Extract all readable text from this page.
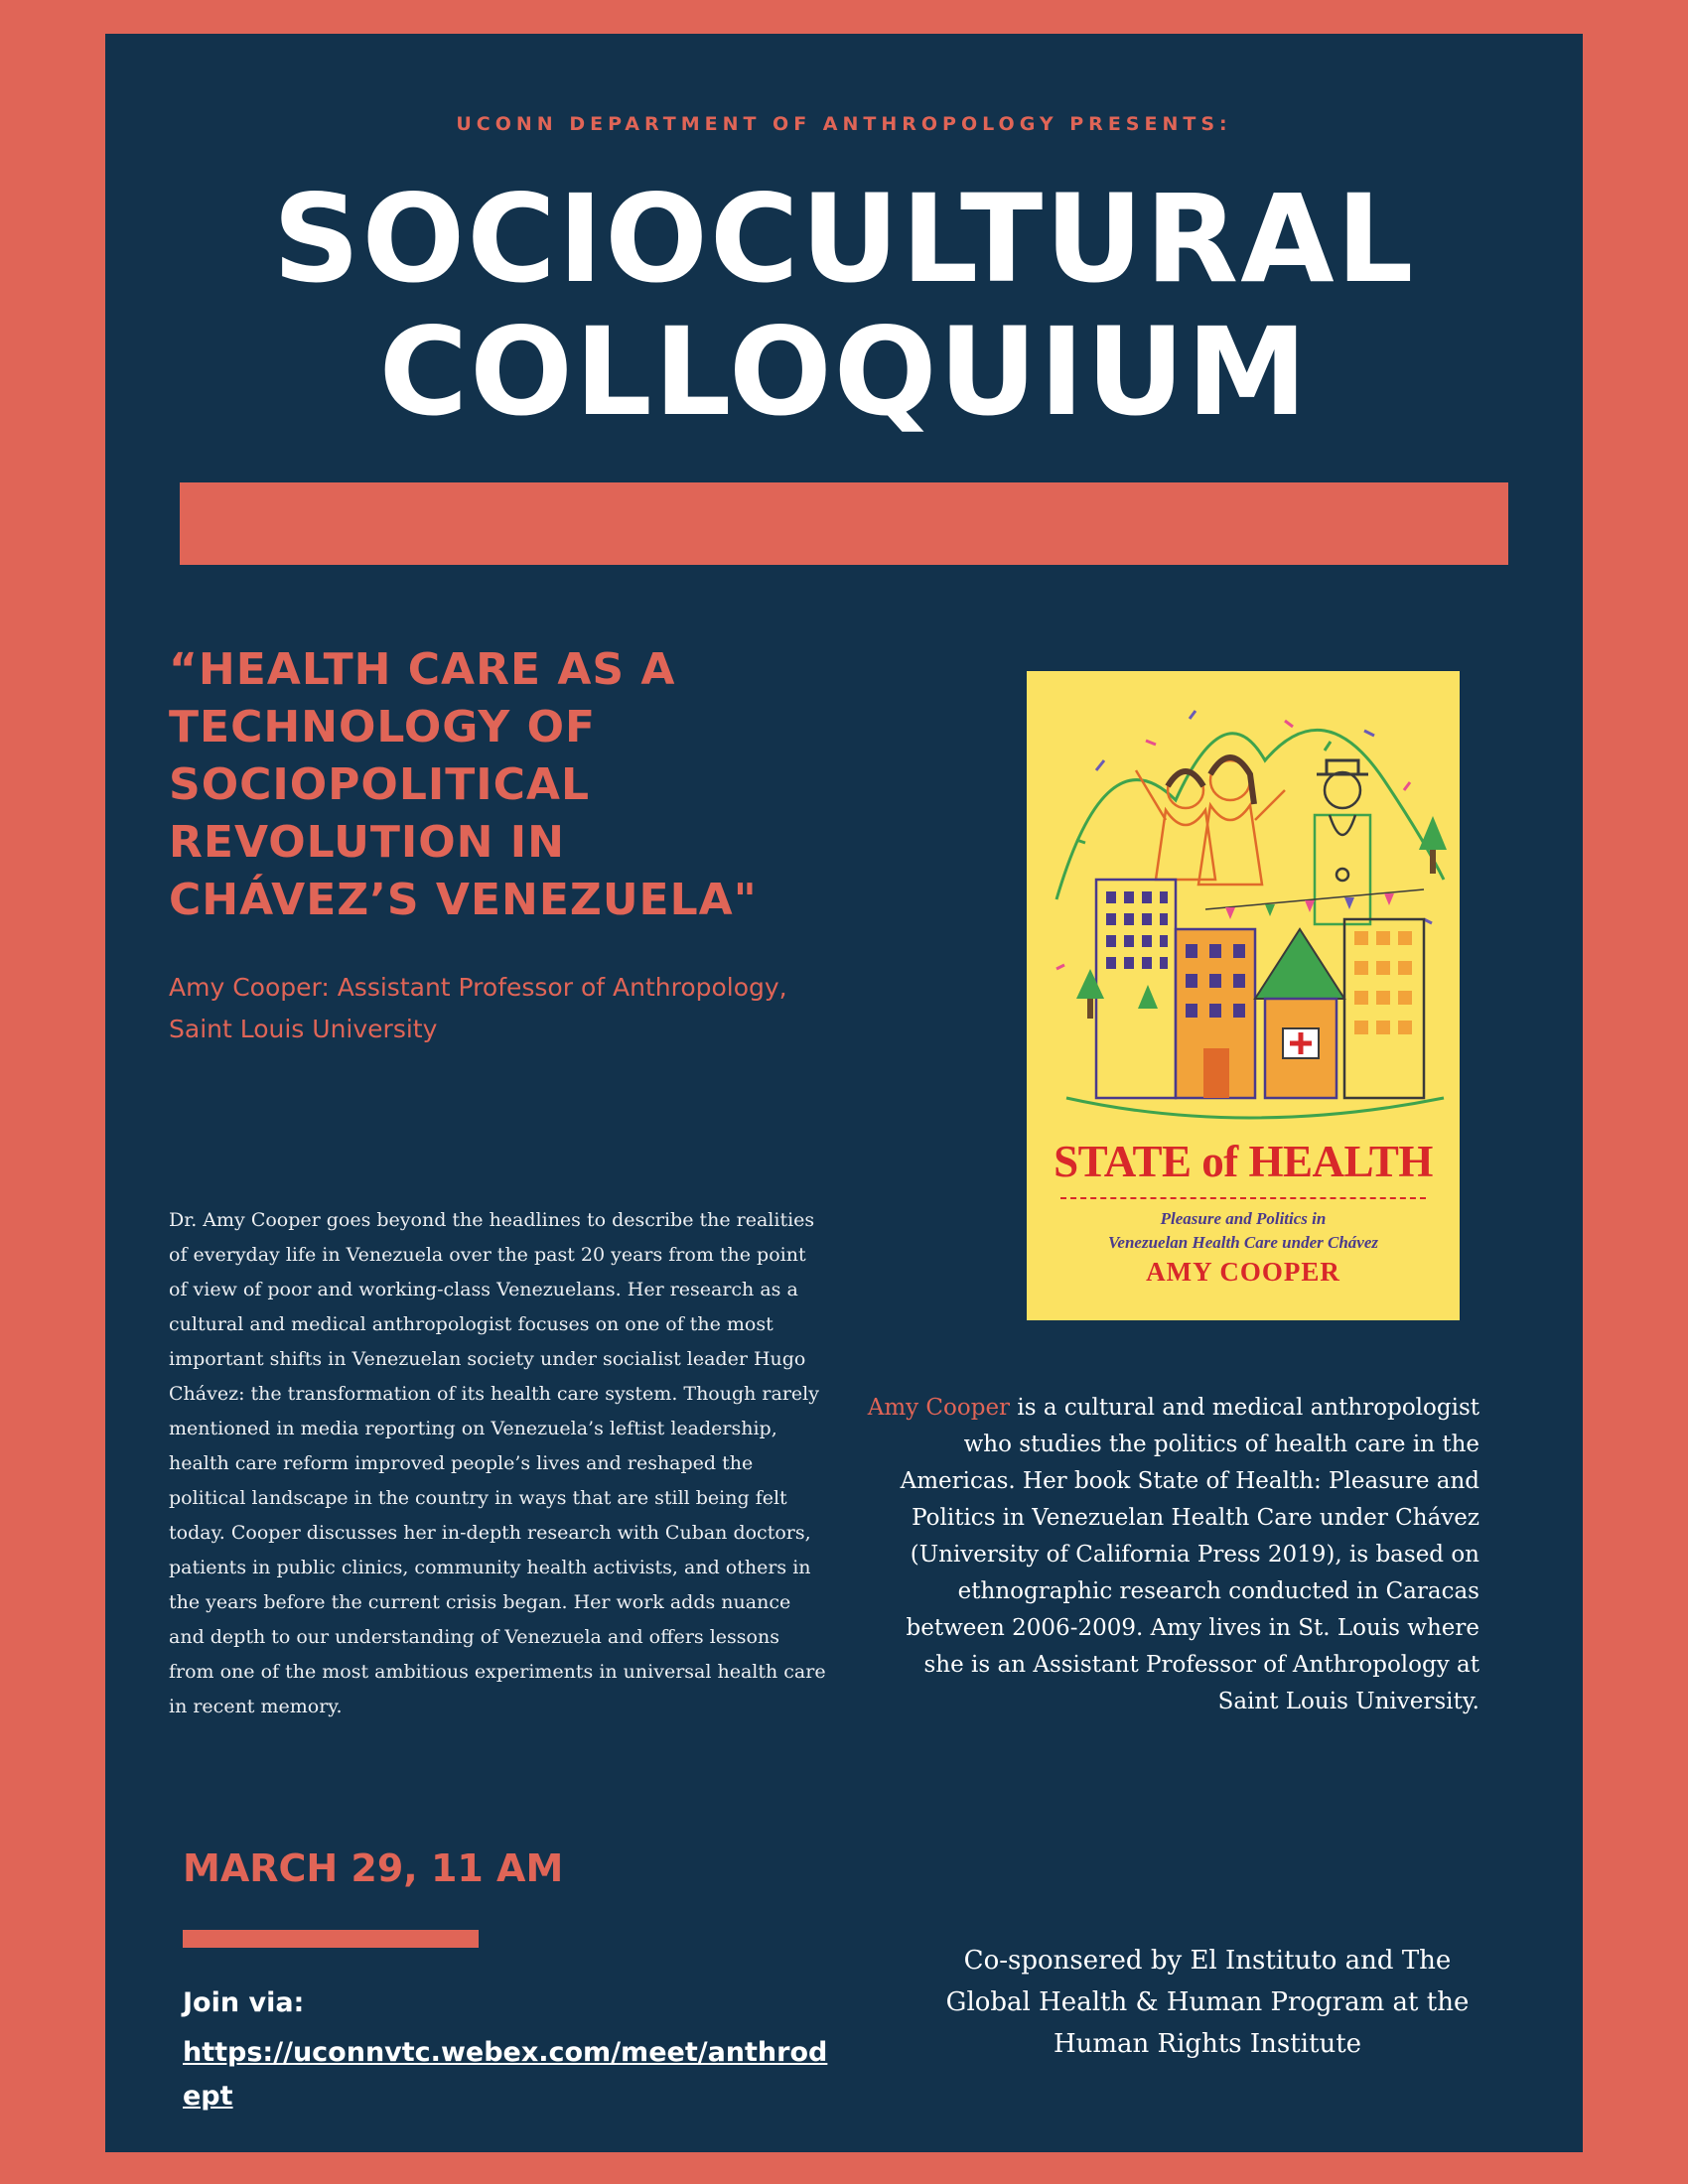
UCONN DEPARTMENT OF ANTHROPOLOGY PRESENTS:
SOCIOCULTURAL
COLLOQUIUM
“HEALTH CARE AS A TECHNOLOGY OF SOCIOPOLITICAL REVOLUTION IN CHÁVEZ’S VENEZUELA"
Amy Cooper: Assistant Professor of Anthropology, Saint Louis University

Dr. Amy Cooper goes beyond the headlines to describe the realities of everyday life in Venezuela over the past 20 years from the point of view of poor and working-class Venezuelans. Her research as a cultural and medical anthropologist focuses on one of the most important shifts in Venezuelan society under socialist leader Hugo Chávez: the transformation of its health care system. Though rarely mentioned in media reporting on Venezuela’s leftist leadership, health care reform improved people’s lives and reshaped the political landscape in the country in ways that are still being felt today. Cooper discusses her in-depth research with Cuban doctors, patients in public clinics, community health activists, and others in the years before the current crisis began. Her work adds nuance and depth to our understanding of Venezuela and offers lessons from one of the most ambitious experiments in universal health care in recent memory.

STATE of HEALTH
Pleasure and Politics in
Venezuelan Health Care under Chávez
AMY COOPER

Amy Cooper is a cultural and medical anthropologist who studies the politics of health care in the Americas. Her book State of Health: Pleasure and Politics in Venezuelan Health Care under Chávez (University of California Press 2019), is based on ethnographic research conducted in Caracas between 2006-2009. Amy lives in St. Louis where she is an Assistant Professor of Anthropology at Saint Louis University.

MARCH 29, 11 AM
Join via:
https://uconnvtc.webex.com/meet/anthrodept
Co-sponsered by El Instituto and The
Global Health & Human Program at the
Human Rights Institute
